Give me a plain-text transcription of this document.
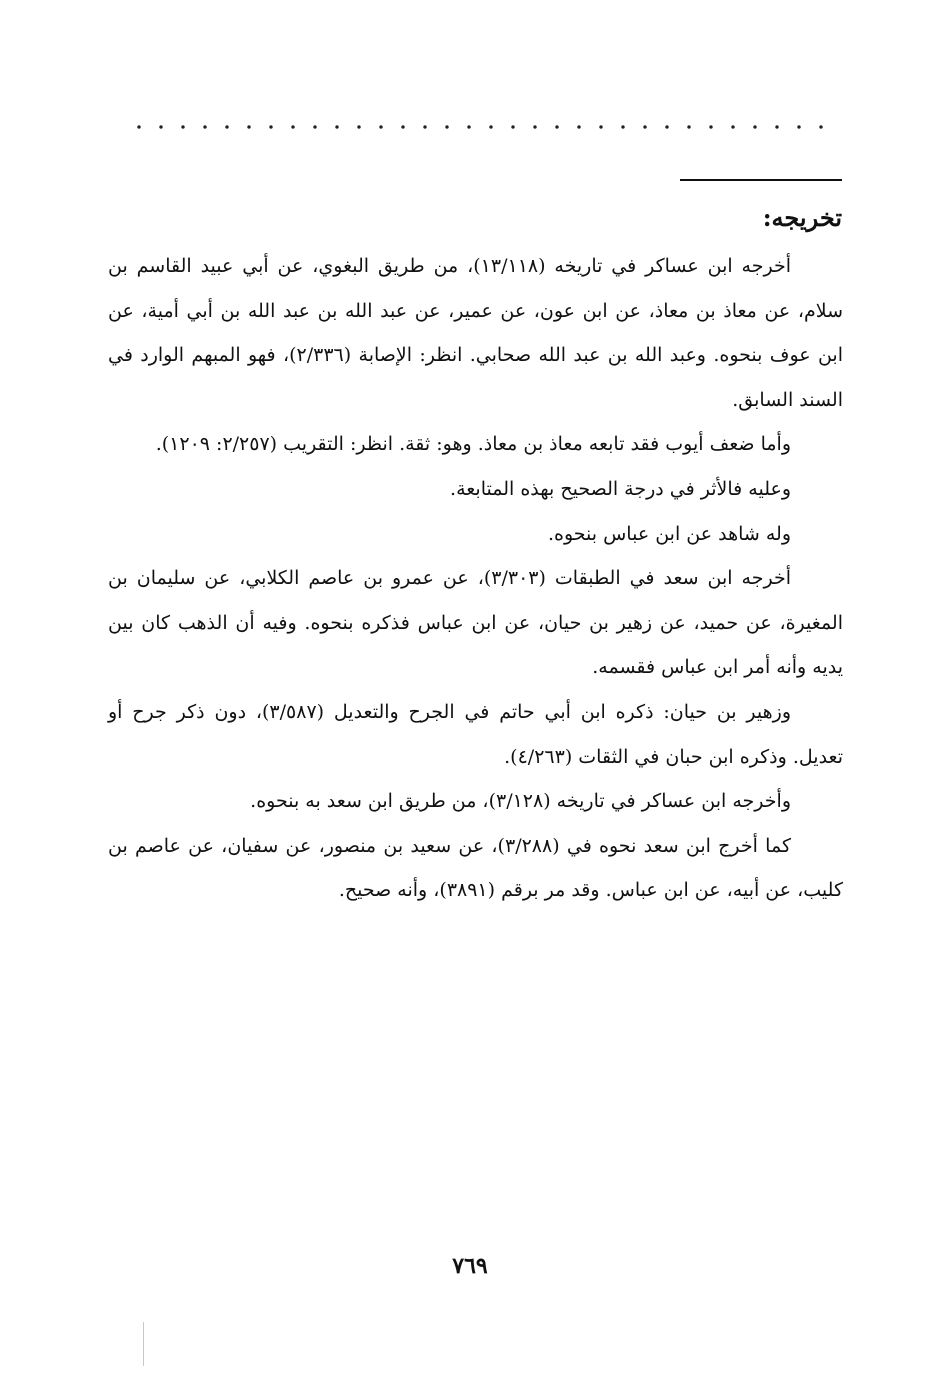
تخريجه:

أخرجه ابن عساكر في تاريخه (١٣/١١٨)، من طريق البغوي، عن أبي عبيد القاسم بن سلام، عن معاذ بن معاذ، عن ابن عون، عن عمير، عن عبد الله بن عبد الله بن أبي أمية، عن ابن عوف بنحوه. وعبد الله بن عبد الله صحابي. انظر: الإصابة (٢/٣٣٦)، فهو المبهم الوارد في السند السابق.

وأما ضعف أيوب فقد تابعه معاذ بن معاذ. وهو: ثقة. انظر: التقريب (٢/٢٥٧: ١٢٠٩).

وعليه فالأثر في درجة الصحيح بهذه المتابعة.

وله شاهد عن ابن عباس بنحوه.

أخرجه ابن سعد في الطبقات (٣/٣٠٣)، عن عمرو بن عاصم الكلابي، عن سليمان بن المغيرة، عن حميد، عن زهير بن حيان، عن ابن عباس فذكره بنحوه. وفيه أن الذهب كان بين يديه وأنه أمر ابن عباس فقسمه.

وزهير بن حيان: ذكره ابن أبي حاتم في الجرح والتعديل (٣/٥٨٧)، دون ذكر جرح أو تعديل. وذكره ابن حبان في الثقات (٤/٢٦٣).

وأخرجه ابن عساكر في تاريخه (٣/١٢٨)، من طريق ابن سعد به بنحوه.

كما أخرج ابن سعد نحوه في (٣/٢٨٨)، عن سعيد بن منصور، عن سفيان، عن عاصم بن كليب، عن أبيه، عن ابن عباس. وقد مر برقم (٣٨٩١)، وأنه صحيح.

٧٦٩
